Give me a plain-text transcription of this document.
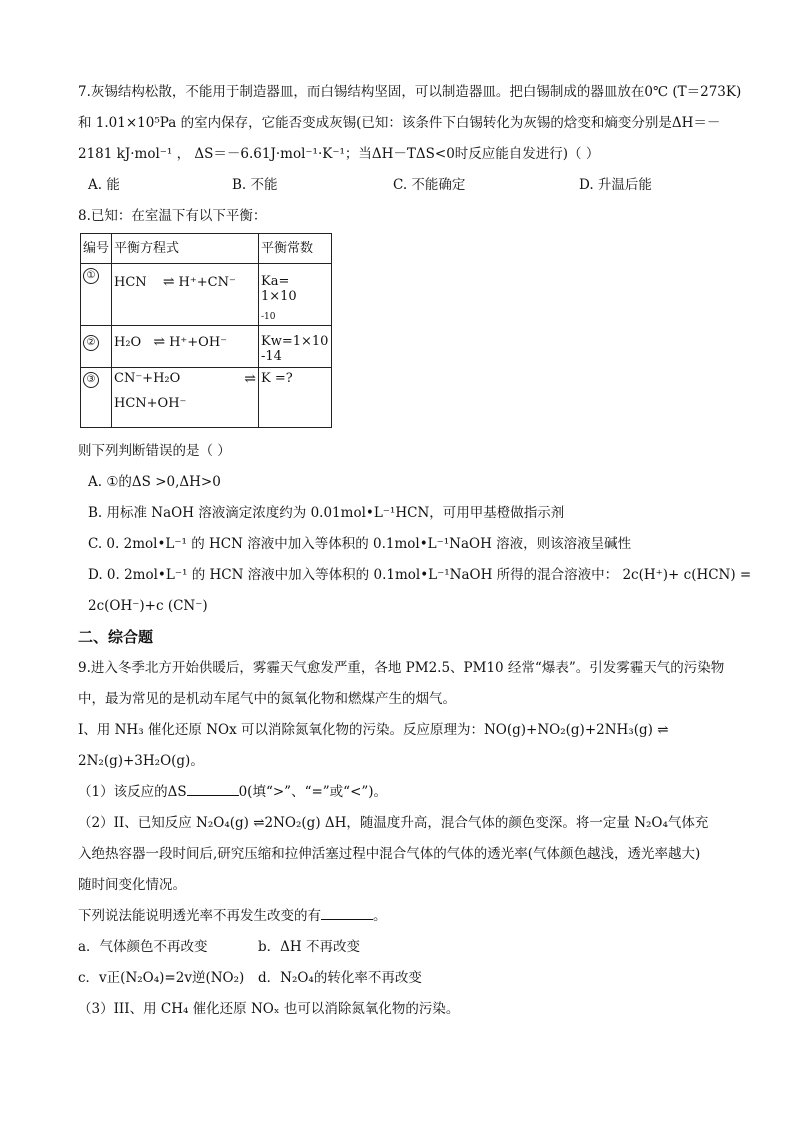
7.灰锡结构松散，不能用于制造器皿，而白锡结构坚固，可以制造器皿。把白锡制成的器皿放在0℃ (T＝273K)
和 1.01×10⁵Pa 的室内保存，它能否变成灰锡(已知：该条件下白锡转化为灰锡的焓变和熵变分别是ΔH＝－
2181 kJ·mol⁻¹ ， ΔS＝－6.61J·mol⁻¹·K⁻¹；当ΔH－TΔS<0时反应能自发进行)（ ）
A. 能	B. 不能	C. 不能确定	D. 升温后能
8.已知：在室温下有以下平衡：
编号	平衡方程式	平衡常数
①	HCN ⇌ H⁺+CN⁻	Ka= 1×10
-10

②	H₂O ⇌ H⁺+OH⁻	Kw=1×10 -14
③	CN⁻+H₂O ⇌
HCN+OH⁻	K =?
则下列判断错误的是（ ）
A. ①的ΔS >0,ΔH>0
B. 用标准 NaOH 溶液滴定浓度约为 0.01mol•L⁻¹HCN，可用甲基橙做指示剂
C. 0. 2mol•L⁻¹ 的 HCN 溶液中加入等体积的 0.1mol•L⁻¹NaOH 溶液，则该溶液呈碱性
D. 0. 2mol•L⁻¹ 的 HCN 溶液中加入等体积的 0.1mol•L⁻¹NaOH 所得的混合溶液中： 2c(H⁺)+ c(HCN) =
2c(OH⁻)+c (CN⁻)
二、综合题
9.进入冬季北方开始供暖后，雾霾天气愈发严重，各地 PM2.5、PM10 经常“爆表”。引发雾霾天气的污染物
中，最为常见的是机动车尾气中的氮氧化物和燃煤产生的烟气。
I、用 NH₃ 催化还原 NOx 可以消除氮氧化物的污染。反应原理为：NO(g)+NO₂(g)+2NH₃(g) ⇌
2N₂(g)+3H₂O(g)。
（1）该反应的ΔS	0(填“>”、“=”或“<”)。
（2）II、已知反应 N₂O₄(g) ⇌2NO₂(g) ΔH，随温度升高，混合气体的颜色变深。将一定量 N₂O₄气体充
入绝热容器一段时间后,研究压缩和拉伸活塞过程中混合气体的气体的透光率(气体颜色越浅，透光率越大)
随时间变化情况。
下列说法能说明透光率不再发生改变的有	。
a．气体颜色不再改变	b．ΔH 不再改变
c．v正(N₂O₄)=2v逆(NO₂) d．N₂O₄的转化率不再改变
（3）III、用 CH₄ 催化还原 NOₓ 也可以消除氮氧化物的污染。
